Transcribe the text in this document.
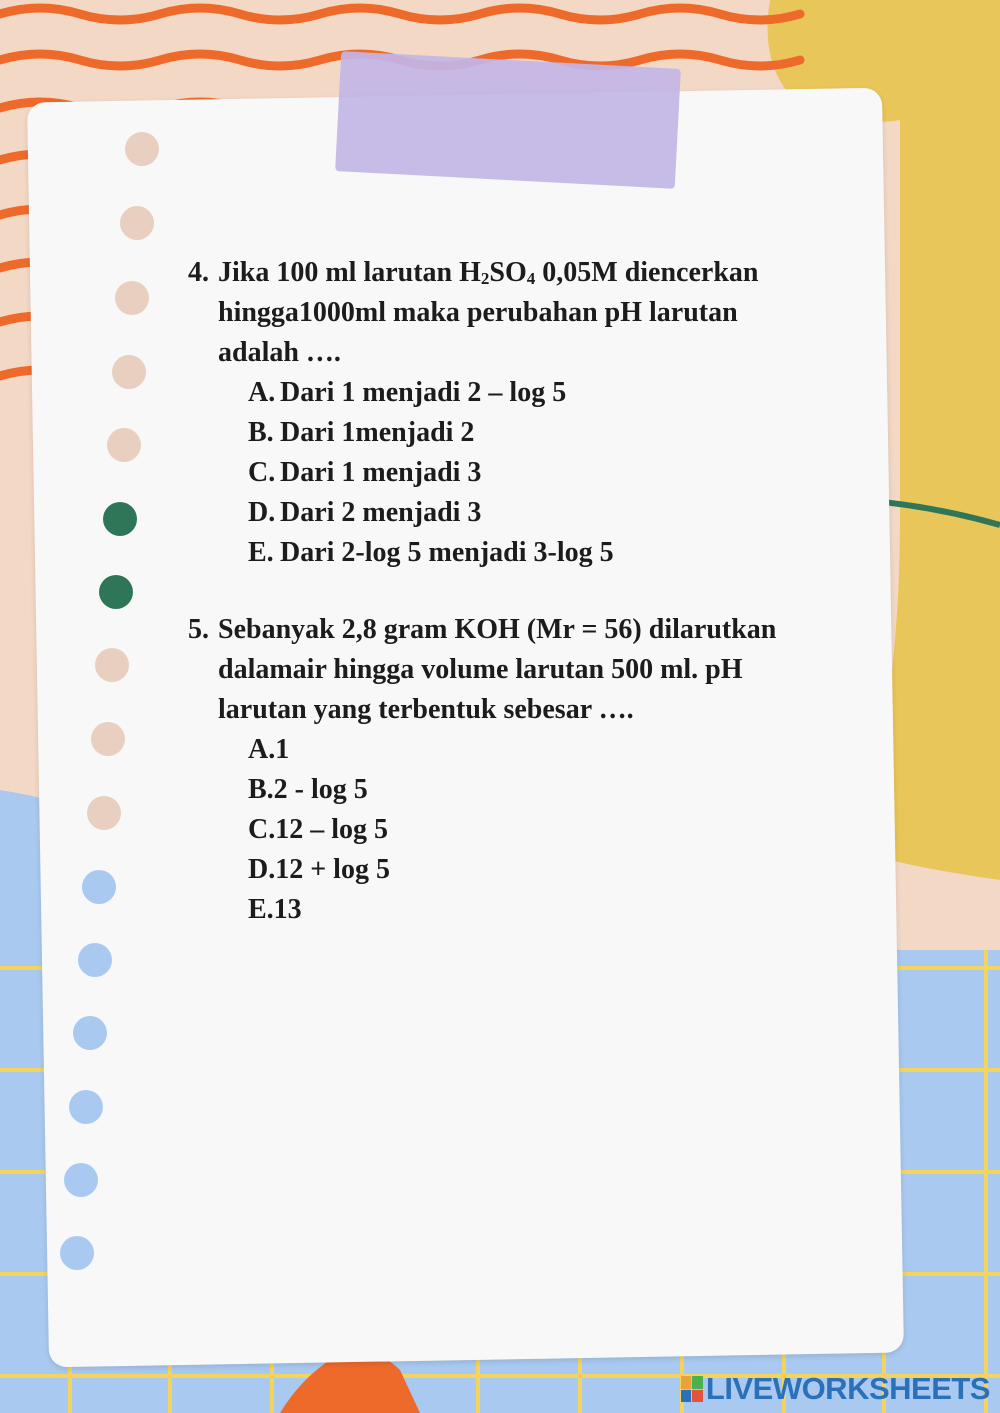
4. Jika 100 ml larutan $H_2SO_4$ 0,05M diencerkan
hingga1000ml maka perubahan pH larutan
adalah ….
A. Dari 1 menjadi 2 – log 5
B. Dari 1menjadi 2
C. Dari 1 menjadi 3
D. Dari 2 menjadi 3
E. Dari 2-log 5 menjadi 3-log 5
5. Sebanyak 2,8 gram KOH (Mr = 56) dilarutkan
dalamair hingga volume larutan 500 ml. pH
larutan yang terbentuk sebesar ….
A.1
B.2 - log 5
C.12 – log 5
D.12 + log 5
E.13
LIVEWORKSHEETS
